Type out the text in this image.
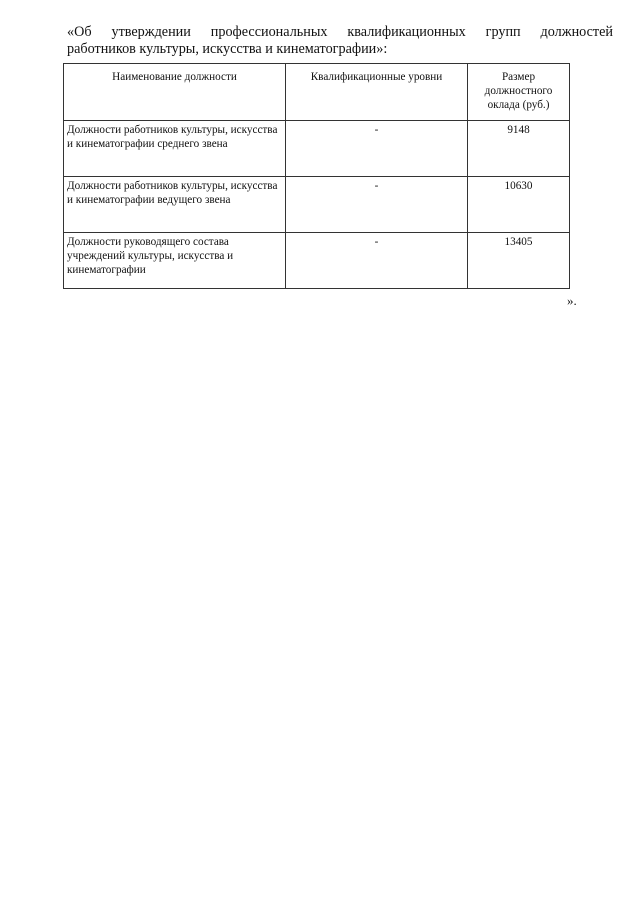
«Об утверждении профессиональных квалификационных групп должностей
работников культуры, искусства и кинематографии»:
Наименование должности	Квалификационные уровни	Размер должностного оклада (руб.)
Должности работников культуры, искусства и кинематографии среднего звена	-	9148
Должности работников культуры, искусства и кинематографии ведущего звена	-	10630
Должности руководящего состава учреждений культуры, искусства и кинематографии	-	13405
».
